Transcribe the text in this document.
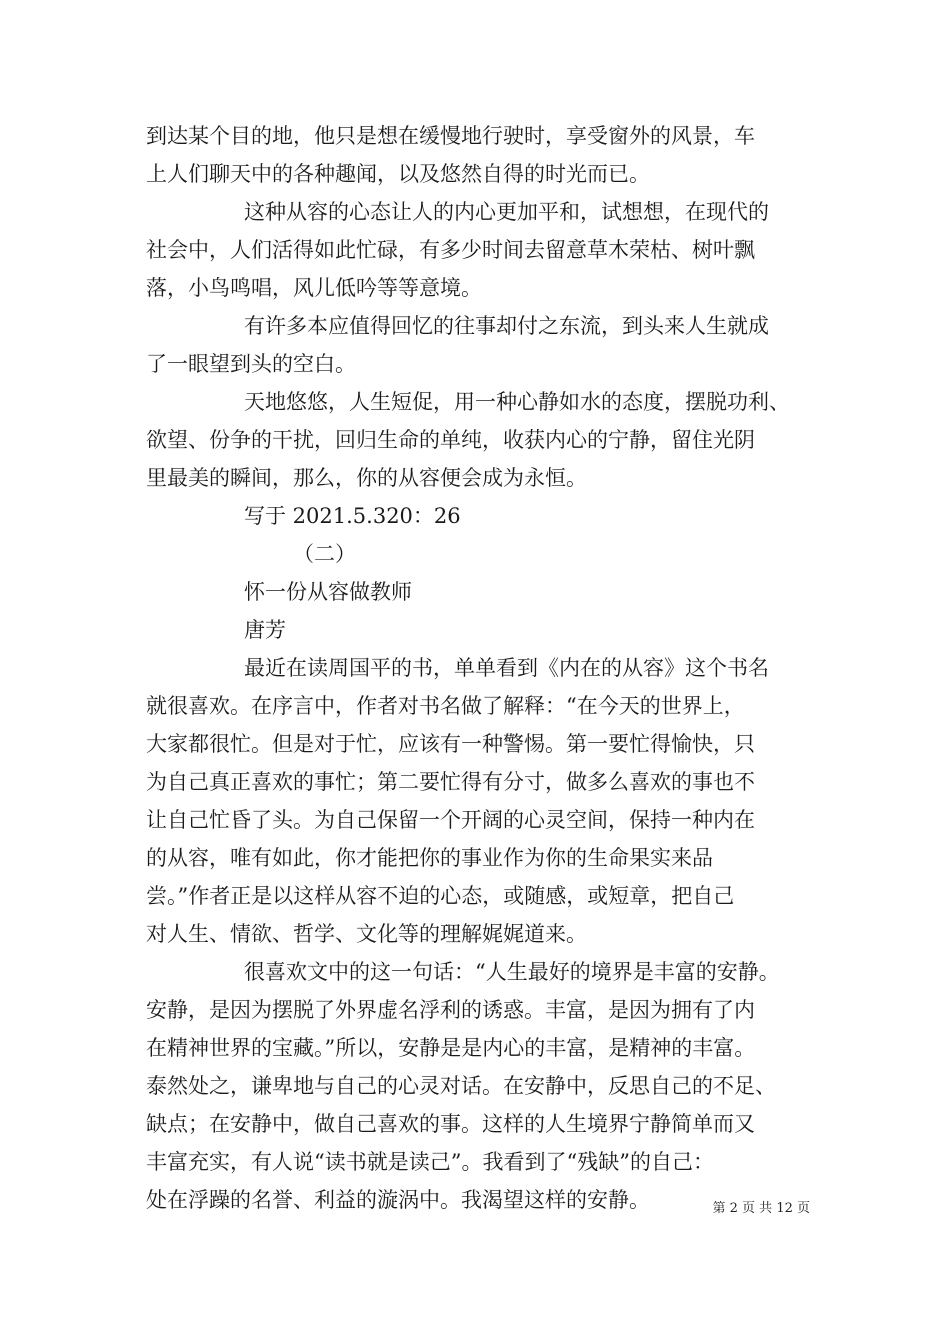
到达某个目的地，他只是想在缓慢地行驶时，享受窗外的风景，车
上人们聊天中的各种趣闻，以及悠然自得的时光而已。
这种从容的心态让人的内心更加平和，试想想，在现代的
社会中，人们活得如此忙碌，有多少时间去留意草木荣枯、树叶飘
落，小鸟鸣唱，风儿低吟等等意境。
有许多本应值得回忆的往事却付之东流，到头来人生就成
了一眼望到头的空白。
天地悠悠，人生短促，用一种心静如水的态度，摆脱功利、
欲望、份争的干扰，回归生命的单纯，收获内心的宁静，留住光阴
里最美的瞬间，那么，你的从容便会成为永恒。
写于 2021.5.320：26
（二）
怀一份从容做教师
唐芳
最近在读周国平的书，单单看到《内在的从容》这个书名
就很喜欢。在序言中，作者对书名做了解释：“在今天的世界上，
大家都很忙。但是对于忙，应该有一种警惕。第一要忙得愉快，只
为自己真正喜欢的事忙；第二要忙得有分寸，做多么喜欢的事也不
让自己忙昏了头。为自己保留一个开阔的心灵空间，保持一种内在
的从容，唯有如此，你才能把你的事业作为你的生命果实来品
尝。”作者正是以这样从容不迫的心态，或随感，或短章，把自己
对人生、情欲、哲学、文化等的理解娓娓道来。
很喜欢文中的这一句话：“人生最好的境界是丰富的安静。
安静，是因为摆脱了外界虚名浮利的诱惑。丰富，是因为拥有了内
在精神世界的宝藏。”所以，安静是是内心的丰富，是精神的丰富。
泰然处之，谦卑地与自己的心灵对话。在安静中，反思自己的不足、
缺点；在安静中，做自己喜欢的事。这样的人生境界宁静简单而又
丰富充实，有人说“读书就是读己”。我看到了“残缺”的自己：
处在浮躁的名誉、利益的漩涡中。我渴望这样的安静。	第 2 页 共 12 页
